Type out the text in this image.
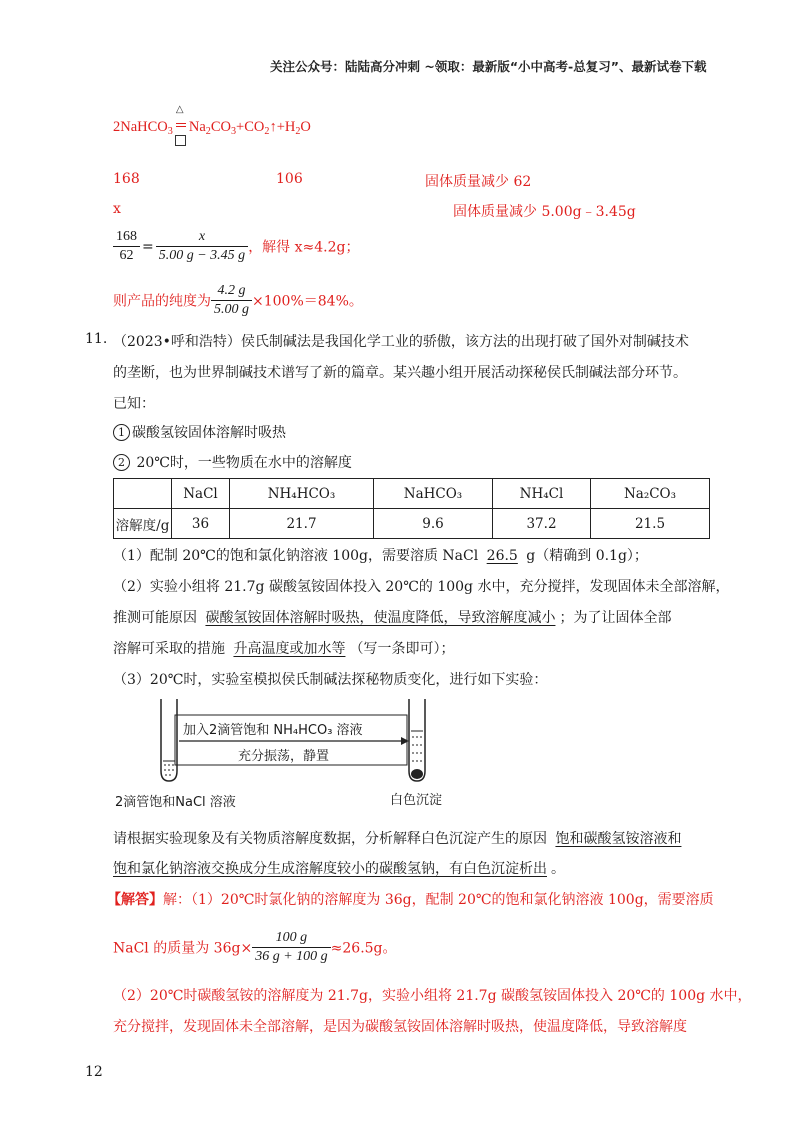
关注公众号：陆陆高分冲刺 ~领取：最新版“小中高考-总复习”、最新试卷下载
2NaHCO$_3$
△
$Na_2CO_3+CO_2↑+H_2O$
168	106	固体质量减少 62
x	固体质量减少 5.00g﹣3.45g
$\frac{168}{62} = \frac{x}{5.00 g - 3.45 g}$ ，解得 x≈4.2g；
则产品的纯度为 $\frac{4.2 g}{5.00 g} \times 100\%=84\%$。
11. （2023•呼和浩特）侯氏制碱法是我国化学工业的骄傲，该方法的出现打破了国外对制碱技术
的垄断，也为世界制碱技术谱写了新的篇章。某兴趣小组开展活动探秘侯氏制碱法部分环节。
已知：
1 碳酸氢铵固体溶解时吸热
2 20℃时，一些物质在水中的溶解度
	NaCl	NH₄HCO₃	NaHCO₃	NH₄Cl	Na₂CO₃
溶解度/g	36	21.7	9.6	37.2	21.5
（1）配制 20℃的饱和氯化钠溶液 100g，需要溶质 NaCl 26.5 g（精确到 0.1g）；
（2）实验小组将 21.7g 碳酸氢铵固体投入 20℃的 100g 水中，充分搅拌，发现固体未全部溶解，
推测可能原因 碳酸氢铵固体溶解时吸热，使温度降低，导致溶解度减小 ；为了让固体全部
溶解可采取的措施 升高温度或加水等 （写一条即可）；
（3）20℃时，实验室模拟侯氏制碱法探秘物质变化，进行如下实验：
加入2滴管饱和 NH₄HCO₃ 溶液
充分振荡，静置
2滴管饱和NaCl 溶液	白色沉淀
请根据实验现象及有关物质溶解度数据，分析解释白色沉淀产生的原因 饱和碳酸氢铵溶液和
饱和氯化钠溶液交换成分生成溶解度较小的碳酸氢钠，有白色沉淀析出 。
【解答】解：（1）20℃时氯化钠的溶解度为 36g，配制 20℃的饱和氯化钠溶液 100g，需要溶质
NaCl 的质量为 $36g\times \frac{100 g}{36 g + 100 g} \approx 26.5g$。
（2）20℃时碳酸氢铵的溶解度为 21.7g，实验小组将 21.7g 碳酸氢铵固体投入 20℃的 100g 水中，
充分搅拌，发现固体未全部溶解，是因为碳酸氢铵固体溶解时吸热，使温度降低，导致溶解度
12
